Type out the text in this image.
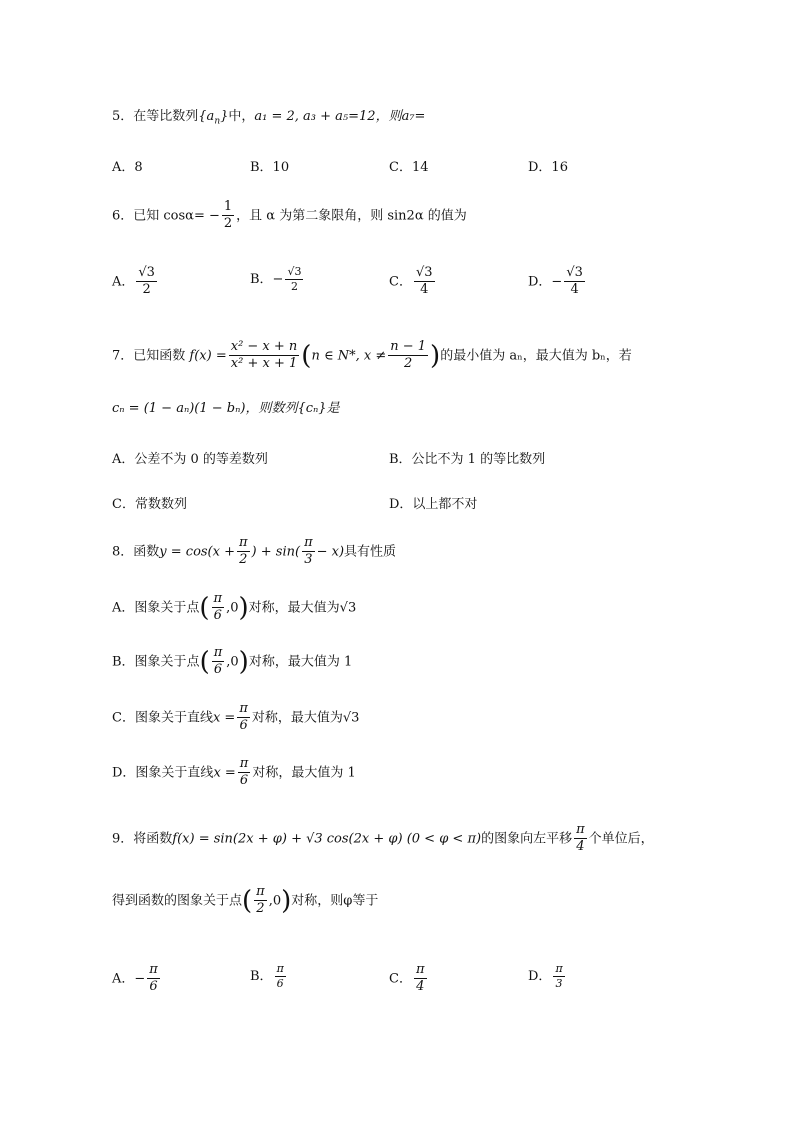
5．在等比数列$\{a_n\}$中，a₁ = 2, a₃ + a₅=12，则a₇=
A．8	B．10	C．14	D．16
6．已知 $\cos\alpha= - \frac{1}{2}$ ，且 α 为第二象限角，则 sin2α 的值为
A． $\frac{√3}{2}$	B．− $\frac{√3}{2}$	C． $\frac{√3}{4}$	D．− $\frac{√3}{4}$
7．已知函数 $f(x) = \frac{\text{x² − x + n}}{\text{x² + x + 1}} (n$ ∈ N*, $x \ne \frac{n - 1}{2}$ )的最小值为 aₙ，最大值为 bₙ，若
cₙ = (1 − aₙ)(1 − bₙ)，则数列{cₙ}是
A．公差不为 0 的等差数列	B．公比不为 1 的等比数列
C．常数数列	D．以上都不对
8．函数$y = \cos(x + \frac{\pi}{2}$ ) + $\sin( \frac{\pi}{3} - x)$具有性质
A．图象关于点( $\frac{\pi}{6} ,0$)对称，最大值为√3
B．图象关于点( $\frac{\pi}{6} ,0$)对称，最大值为 1
C．图象关于直线$x = \frac{\pi}{6}$ 对称，最大值为√3
D．图象关于直线$x = \frac{\pi}{6}$ 对称，最大值为 1
9．将函数f(x) = sin(2x + φ) + √3 cos(2x + φ) (0 < φ < π)的图象向左平移 $\frac{\pi}{4}$ 个单位后，
得到函数的图象关于点( $\frac{\pi}{2} ,0$)对称，则φ等于
A．− $\frac{\pi}{6}$	B． $\frac{\pi}{6}$	C． $\frac{\pi}{4}$	D． $\frac{\pi}{3}$
